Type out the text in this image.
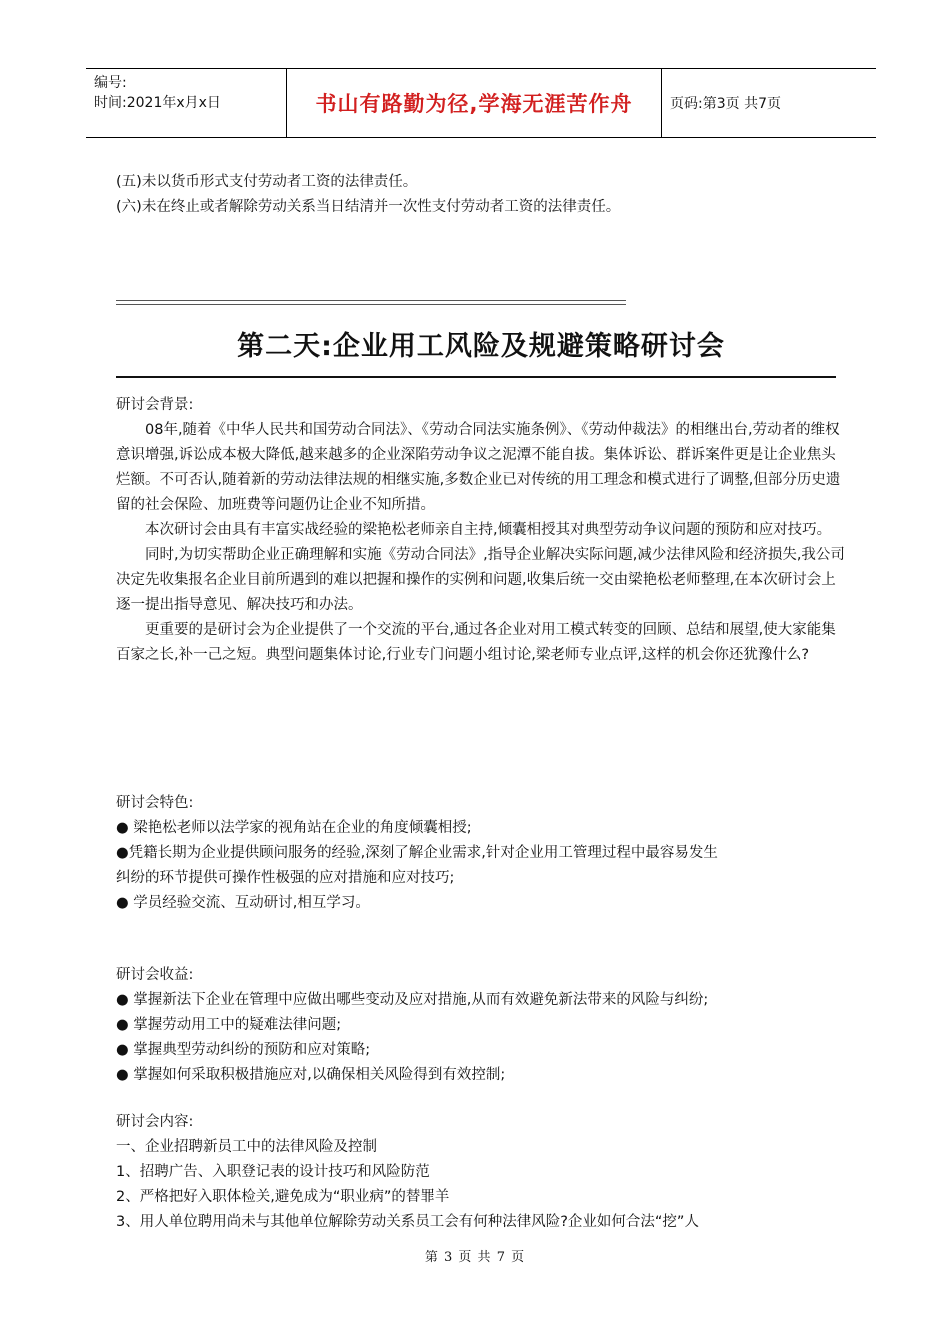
编号:
时间:2021年x月x日	书山有路勤为径,学海无涯苦作舟	页码:第3页 共7页

(五)未以货币形式支付劳动者工资的法律责任。

(六)未在终止或者解除劳动关系当日结清并一次性支付劳动者工资的法律责任。

第二天:企业用工风险及规避策略研讨会

研讨会背景:

08年,随着《中华人民共和国劳动合同法》、《劳动合同法实施条例》、《劳动仲裁法》的相继出台,劳动者的维权意识增强,诉讼成本极大降低,越来越多的企业深陷劳动争议之泥潭不能自拔。集体诉讼、群诉案件更是让企业焦头烂额。不可否认,随着新的劳动法律法规的相继实施,多数企业已对传统的用工理念和模式进行了调整,但部分历史遗留的社会保险、加班费等问题仍让企业不知所措。

本次研讨会由具有丰富实战经验的梁艳松老师亲自主持,倾囊相授其对典型劳动争议问题的预防和应对技巧。

同时,为切实帮助企业正确理解和实施《劳动合同法》,指导企业解决实际问题,减少法律风险和经济损失,我公司决定先收集报名企业目前所遇到的难以把握和操作的实例和问题,收集后统一交由梁艳松老师整理,在本次研讨会上逐一提出指导意见、解决技巧和办法。

更重要的是研讨会为企业提供了一个交流的平台,通过各企业对用工模式转变的回顾、总结和展望,使大家能集百家之长,补一己之短。典型问题集体讨论,行业专门问题小组讨论,梁老师专业点评,这样的机会你还犹豫什么?

研讨会特色:

● 梁艳松老师以法学家的视角站在企业的角度倾囊相授;

●凭籍长期为企业提供顾问服务的经验,深刻了解企业需求,针对企业用工管理过程中最容易发生

纠纷的环节提供可操作性极强的应对措施和应对技巧;

● 学员经验交流、互动研讨,相互学习。

研讨会收益:

● 掌握新法下企业在管理中应做出哪些变动及应对措施,从而有效避免新法带来的风险与纠纷;

● 掌握劳动用工中的疑难法律问题;

● 掌握典型劳动纠纷的预防和应对策略;

● 掌握如何采取积极措施应对,以确保相关风险得到有效控制;

研讨会内容:

一、企业招聘新员工中的法律风险及控制

1、招聘广告、入职登记表的设计技巧和风险防范

2、严格把好入职体检关,避免成为“职业病”的替罪羊

3、用人单位聘用尚未与其他单位解除劳动关系员工会有何种法律风险?企业如何合法“挖”人

第 3 页 共 7 页
